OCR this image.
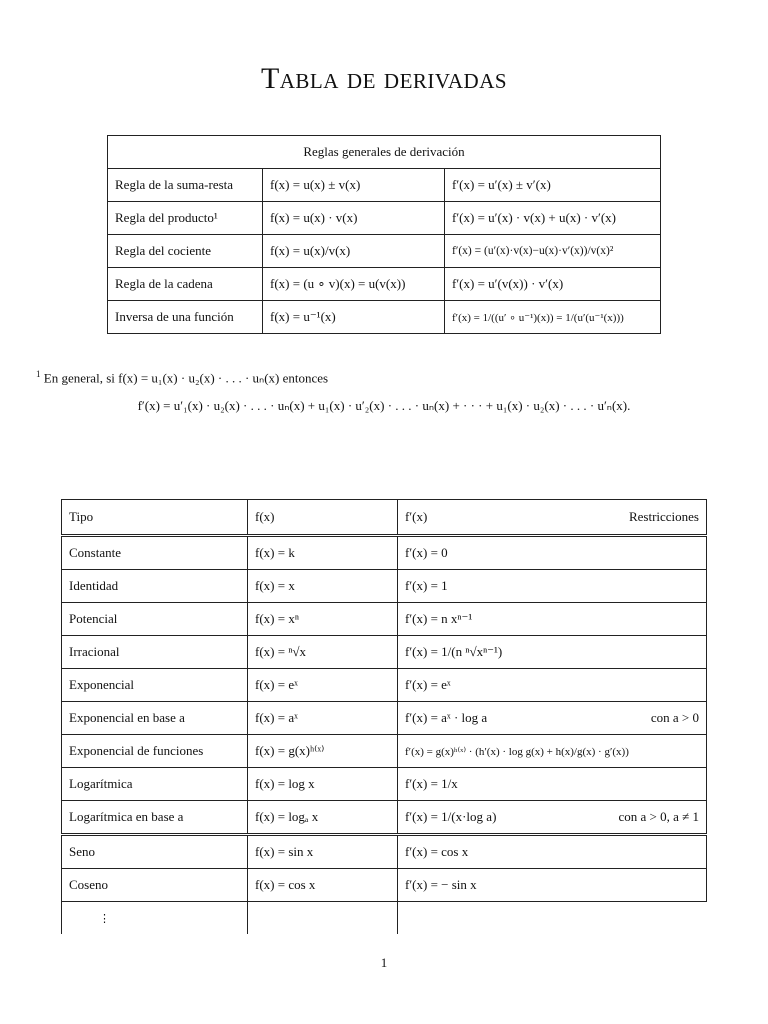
Tabla de derivadas
Reglas generales de derivación		
Regla de la suma-resta	f(x) = u(x) ± v(x)	f′(x) = u′(x) ± v′(x)
Regla del producto¹	f(x) = u(x) · v(x)	f′(x) = u′(x) · v(x) + u(x) · v′(x)
Regla del cociente	f(x) = u(x)/v(x)	f′(x) = (u′(x)·v(x)−u(x)·v′(x))/v(x)²
Regla de la cadena	f(x) = (u ∘ v)(x) = u(v(x))	f′(x) = u′(v(x)) · v′(x)
Inversa de una función	f(x) = u⁻¹(x)	f′(x) = 1/((u′ ∘ u⁻¹)(x)) = 1/(u′(u⁻¹(x)))
$^1$ En general, si f(x) = u₁(x) · u₂(x) · . . . · uₙ(x) entonces
f′(x) = u′₁(x) · u₂(x) · . . . · uₙ(x) + u₁(x) · u′₂(x) · . . . · uₙ(x) + · · · + u₁(x) · u₂(x) · . . . · u′ₙ(x).
Tipo	f(x)	f′(x) Restricciones

Constante	f(x) = k	f′(x) = 0
Identidad	f(x) = x	f′(x) = 1
Potencial	f(x) = xⁿ	f′(x) = n xⁿ⁻¹
Irracional	f(x) = ⁿ√x	f′(x) = 1/(n ⁿ√xⁿ⁻¹)
Exponencial	f(x) = eˣ	f′(x) = eˣ
Exponencial en base a	f(x) = aˣ	f′(x) = aˣ · log a con a > 0

Exponencial de funciones	f(x) = g(x)ʰ⁽ˣ⁾	f′(x) = g(x)ʰ⁽ˣ⁾ · (h′(x) · log g(x) + h(x)/g(x) · g′(x))
Logarítmica	f(x) = log x	f′(x) = 1/x
Logarítmica en base a	f(x) = logₐ x	f′(x) = 1/(x·log a) con a > 0, a ≠ 1

Seno	f(x) = sin x	f′(x) = cos x
Coseno	f(x) = cos x	f′(x) = − sin x
⋮		
1
